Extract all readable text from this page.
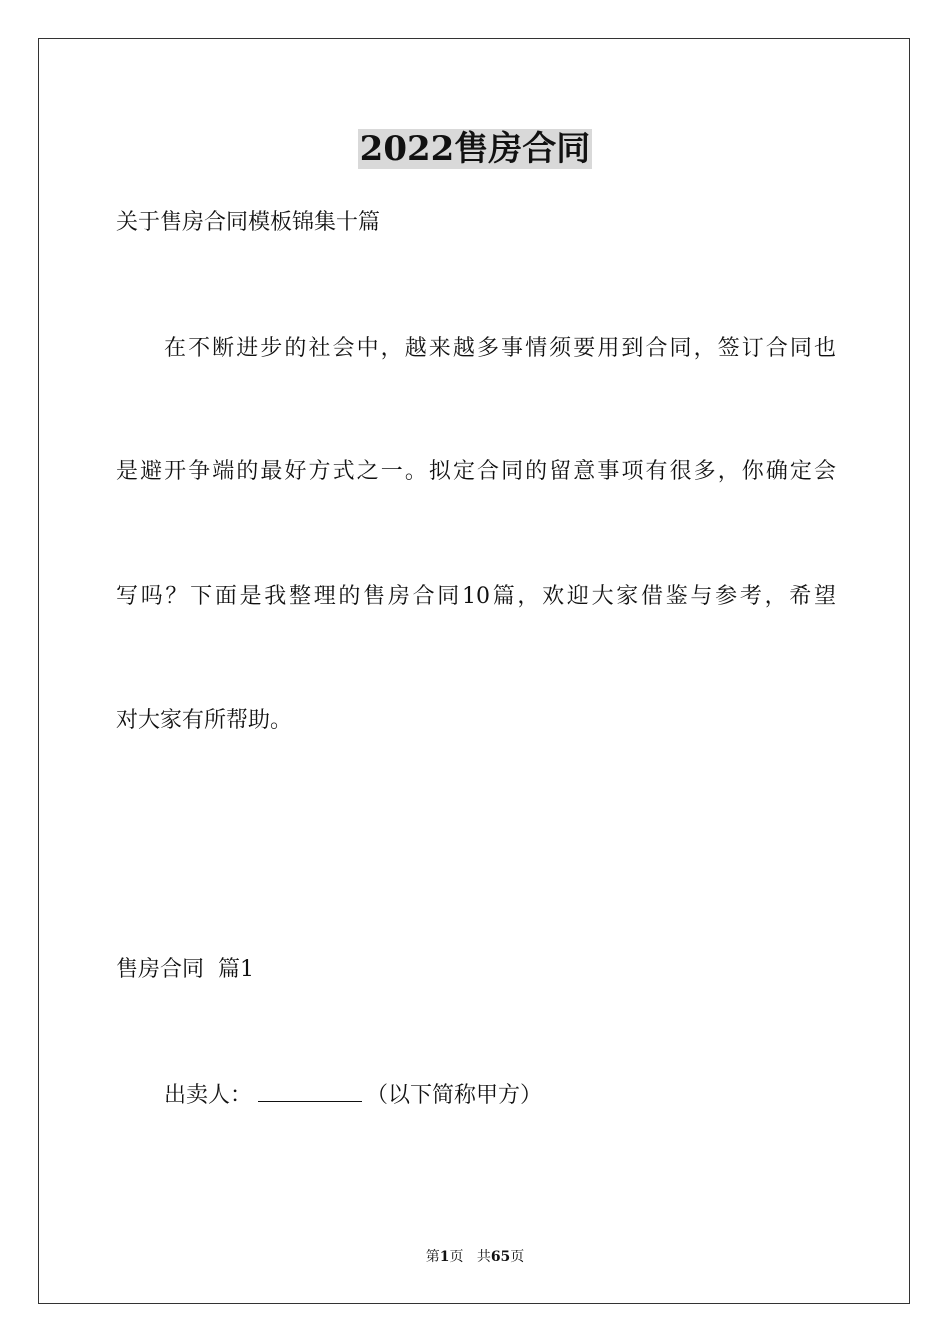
2022售房合同

关于售房合同模板锦集十篇

在不断进步的社会中，越来越多事情须要用到合同，签订合同也

是避开争端的最好方式之一。拟定合同的留意事项有很多，你确定会

写吗？下面是我整理的售房合同10篇，欢迎大家借鉴与参考，希望

对大家有所帮助。

售房合同  篇1

出卖人：	（以下简称甲方）

第1页 共65页
